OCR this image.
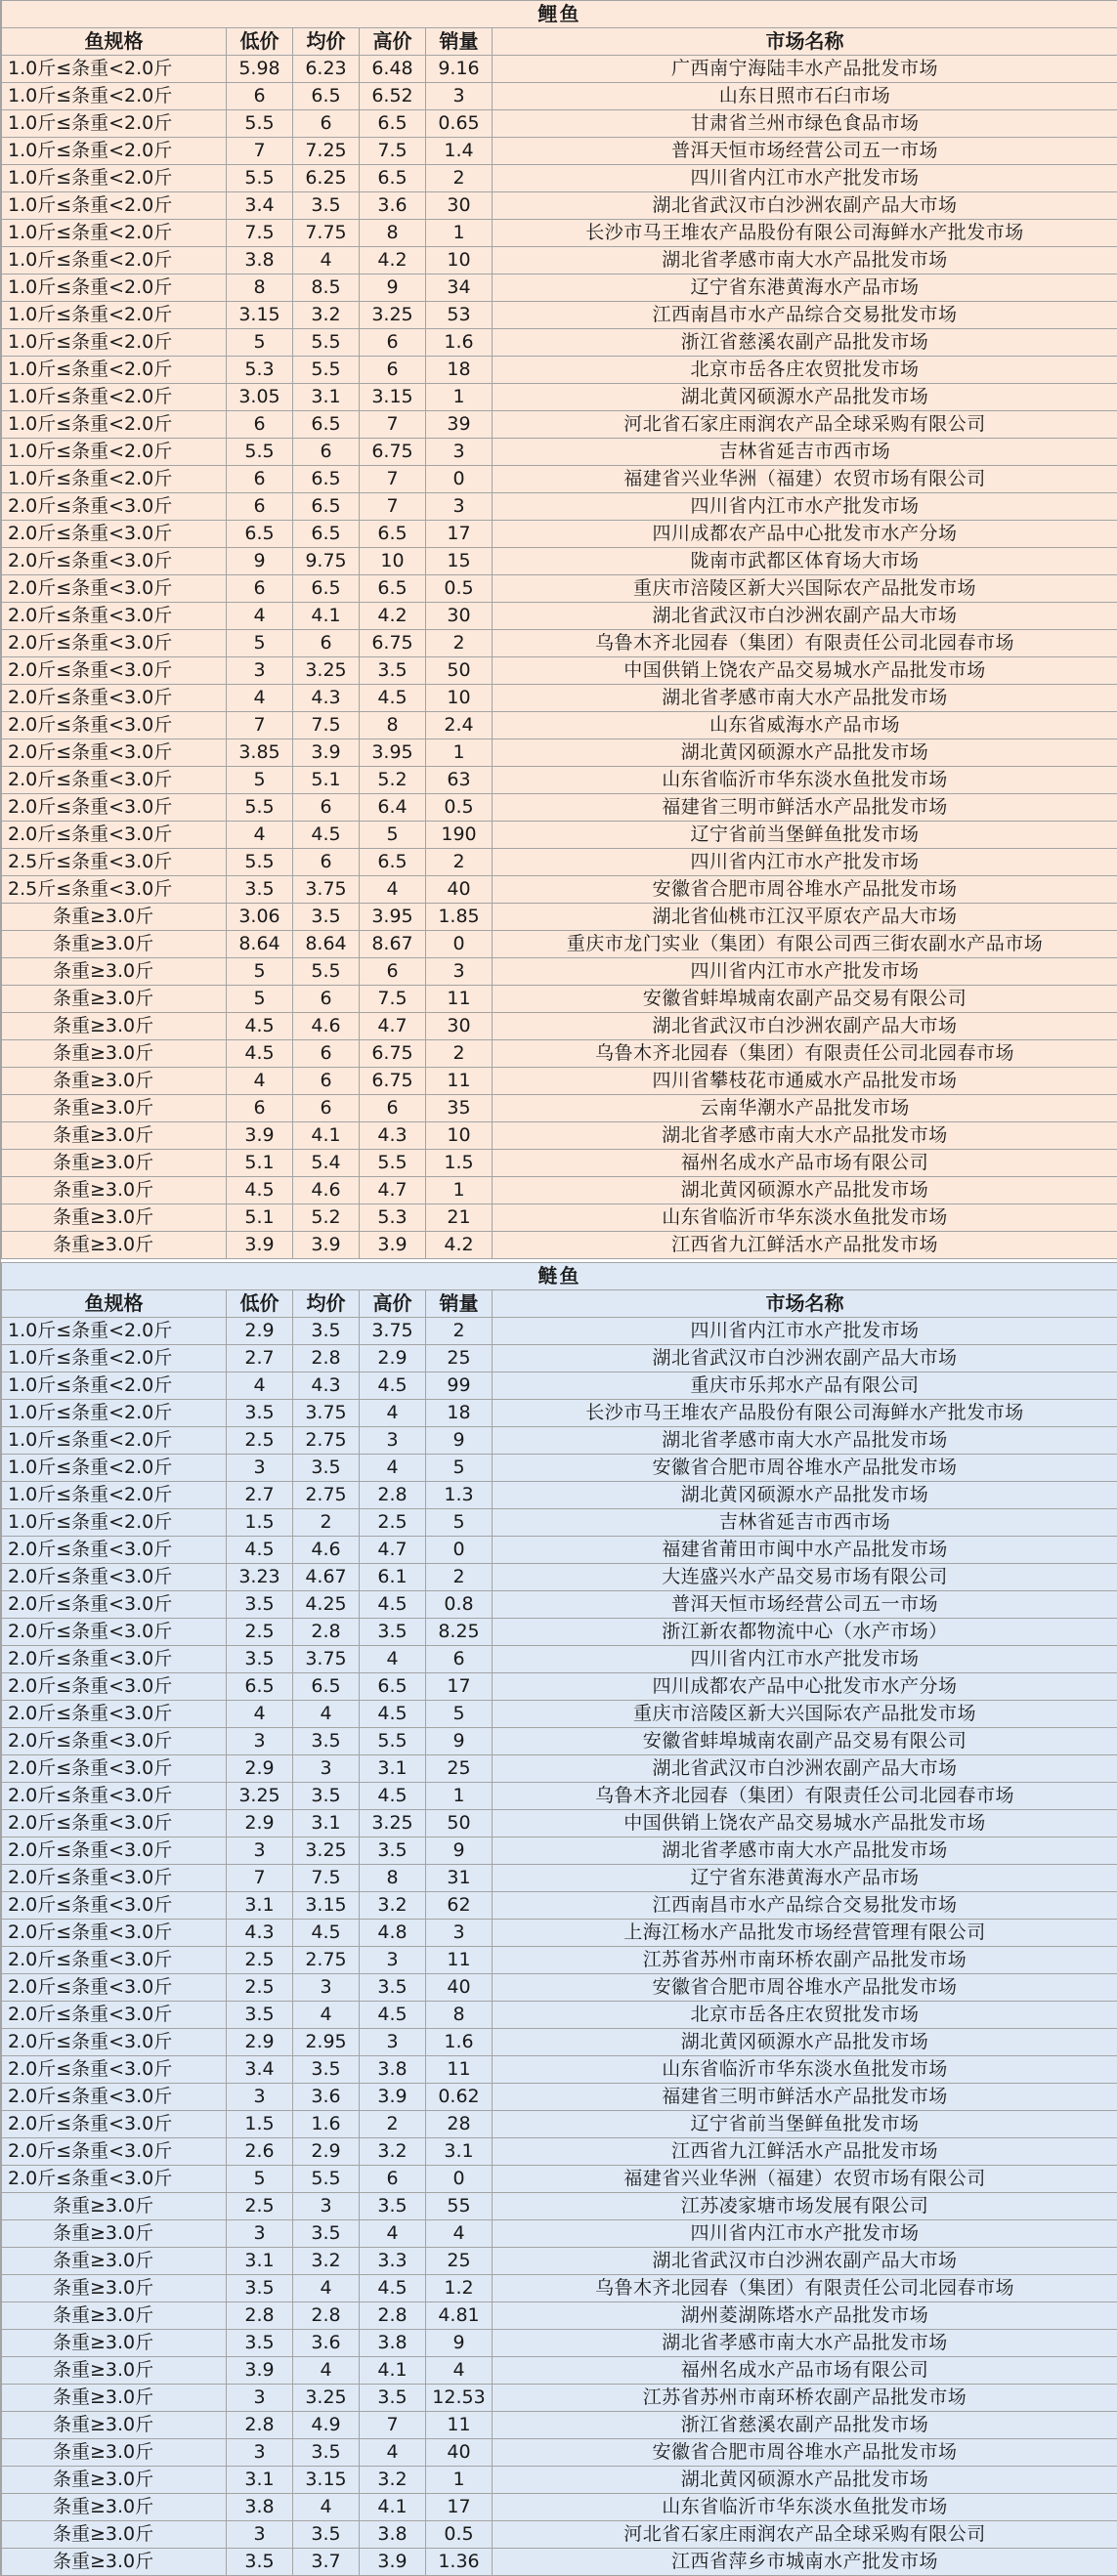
鲤鱼					
鱼规格	低价	均价	高价	销量	市场名称
1.0斤≤条重<2.0斤	5.98	6.23	6.48	9.16	广西南宁海陆丰水产品批发市场
1.0斤≤条重<2.0斤	6	6.5	6.52	3	山东日照市石臼市场
1.0斤≤条重<2.0斤	5.5	6	6.5	0.65	甘肃省兰州市绿色食品市场
1.0斤≤条重<2.0斤	7	7.25	7.5	1.4	普洱天恒市场经营公司五一市场
1.0斤≤条重<2.0斤	5.5	6.25	6.5	2	四川省内江市水产批发市场
1.0斤≤条重<2.0斤	3.4	3.5	3.6	30	湖北省武汉市白沙洲农副产品大市场
1.0斤≤条重<2.0斤	7.5	7.75	8	1	长沙市马王堆农产品股份有限公司海鲜水产批发市场
1.0斤≤条重<2.0斤	3.8	4	4.2	10	湖北省孝感市南大水产品批发市场
1.0斤≤条重<2.0斤	8	8.5	9	34	辽宁省东港黄海水产品市场
1.0斤≤条重<2.0斤	3.15	3.2	3.25	53	江西南昌市水产品综合交易批发市场
1.0斤≤条重<2.0斤	5	5.5	6	1.6	浙江省慈溪农副产品批发市场
1.0斤≤条重<2.0斤	5.3	5.5	6	18	北京市岳各庄农贸批发市场
1.0斤≤条重<2.0斤	3.05	3.1	3.15	1	湖北黄冈硕源水产品批发市场
1.0斤≤条重<2.0斤	6	6.5	7	39	河北省石家庄雨润农产品全球采购有限公司
1.0斤≤条重<2.0斤	5.5	6	6.75	3	吉林省延吉市西市场
1.0斤≤条重<2.0斤	6	6.5	7	0	福建省兴业华洲（福建）农贸市场有限公司
2.0斤≤条重<3.0斤	6	6.5	7	3	四川省内江市水产批发市场
2.0斤≤条重<3.0斤	6.5	6.5	6.5	17	四川成都农产品中心批发市水产分场
2.0斤≤条重<3.0斤	9	9.75	10	15	陇南市武都区体育场大市场
2.0斤≤条重<3.0斤	6	6.5	6.5	0.5	重庆市涪陵区新大兴国际农产品批发市场
2.0斤≤条重<3.0斤	4	4.1	4.2	30	湖北省武汉市白沙洲农副产品大市场
2.0斤≤条重<3.0斤	5	6	6.75	2	乌鲁木齐北园春（集团）有限责任公司北园春市场
2.0斤≤条重<3.0斤	3	3.25	3.5	50	中国供销上饶农产品交易城水产品批发市场
2.0斤≤条重<3.0斤	4	4.3	4.5	10	湖北省孝感市南大水产品批发市场
2.0斤≤条重<3.0斤	7	7.5	8	2.4	山东省威海水产品市场
2.0斤≤条重<3.0斤	3.85	3.9	3.95	1	湖北黄冈硕源水产品批发市场
2.0斤≤条重<3.0斤	5	5.1	5.2	63	山东省临沂市华东淡水鱼批发市场
2.0斤≤条重<3.0斤	5.5	6	6.4	0.5	福建省三明市鲜活水产品批发市场
2.0斤≤条重<3.0斤	4	4.5	5	190	辽宁省前当堡鲜鱼批发市场
2.5斤≤条重<3.0斤	5.5	6	6.5	2	四川省内江市水产批发市场
2.5斤≤条重<3.0斤	3.5	3.75	4	40	安徽省合肥市周谷堆水产品批发市场
条重≥3.0斤	3.06	3.5	3.95	1.85	湖北省仙桃市江汉平原农产品大市场
条重≥3.0斤	8.64	8.64	8.67	0	重庆市龙门实业（集团）有限公司西三街农副水产品市场
条重≥3.0斤	5	5.5	6	3	四川省内江市水产批发市场
条重≥3.0斤	5	6	7.5	11	安徽省蚌埠城南农副产品交易有限公司
条重≥3.0斤	4.5	4.6	4.7	30	湖北省武汉市白沙洲农副产品大市场
条重≥3.0斤	4.5	6	6.75	2	乌鲁木齐北园春（集团）有限责任公司北园春市场
条重≥3.0斤	4	6	6.75	11	四川省攀枝花市通威水产品批发市场
条重≥3.0斤	6	6	6	35	云南华潮水产品批发市场
条重≥3.0斤	3.9	4.1	4.3	10	湖北省孝感市南大水产品批发市场
条重≥3.0斤	5.1	5.4	5.5	1.5	福州名成水产品市场有限公司
条重≥3.0斤	4.5	4.6	4.7	1	湖北黄冈硕源水产品批发市场
条重≥3.0斤	5.1	5.2	5.3	21	山东省临沂市华东淡水鱼批发市场
条重≥3.0斤	3.9	3.9	3.9	4.2	江西省九江鲜活水产品批发市场

鲢鱼					
鱼规格	低价	均价	高价	销量	市场名称
1.0斤≤条重<2.0斤	2.9	3.5	3.75	2	四川省内江市水产批发市场
1.0斤≤条重<2.0斤	2.7	2.8	2.9	25	湖北省武汉市白沙洲农副产品大市场
1.0斤≤条重<2.0斤	4	4.3	4.5	99	重庆市乐邦水产品有限公司
1.0斤≤条重<2.0斤	3.5	3.75	4	18	长沙市马王堆农产品股份有限公司海鲜水产批发市场
1.0斤≤条重<2.0斤	2.5	2.75	3	9	湖北省孝感市南大水产品批发市场
1.0斤≤条重<2.0斤	3	3.5	4	5	安徽省合肥市周谷堆水产品批发市场
1.0斤≤条重<2.0斤	2.7	2.75	2.8	1.3	湖北黄冈硕源水产品批发市场
1.0斤≤条重<2.0斤	1.5	2	2.5	5	吉林省延吉市西市场
2.0斤≤条重<3.0斤	4.5	4.6	4.7	0	福建省莆田市闽中水产品批发市场
2.0斤≤条重<3.0斤	3.23	4.67	6.1	2	大连盛兴水产品交易市场有限公司
2.0斤≤条重<3.0斤	3.5	4.25	4.5	0.8	普洱天恒市场经营公司五一市场
2.0斤≤条重<3.0斤	2.5	2.8	3.5	8.25	浙江新农都物流中心（水产市场）
2.0斤≤条重<3.0斤	3.5	3.75	4	6	四川省内江市水产批发市场
2.0斤≤条重<3.0斤	6.5	6.5	6.5	17	四川成都农产品中心批发市水产分场
2.0斤≤条重<3.0斤	4	4	4.5	5	重庆市涪陵区新大兴国际农产品批发市场
2.0斤≤条重<3.0斤	3	3.5	5.5	9	安徽省蚌埠城南农副产品交易有限公司
2.0斤≤条重<3.0斤	2.9	3	3.1	25	湖北省武汉市白沙洲农副产品大市场
2.0斤≤条重<3.0斤	3.25	3.5	4.5	1	乌鲁木齐北园春（集团）有限责任公司北园春市场
2.0斤≤条重<3.0斤	2.9	3.1	3.25	50	中国供销上饶农产品交易城水产品批发市场
2.0斤≤条重<3.0斤	3	3.25	3.5	9	湖北省孝感市南大水产品批发市场
2.0斤≤条重<3.0斤	7	7.5	8	31	辽宁省东港黄海水产品市场
2.0斤≤条重<3.0斤	3.1	3.15	3.2	62	江西南昌市水产品综合交易批发市场
2.0斤≤条重<3.0斤	4.3	4.5	4.8	3	上海江杨水产品批发市场经营管理有限公司
2.0斤≤条重<3.0斤	2.5	2.75	3	11	江苏省苏州市南环桥农副产品批发市场
2.0斤≤条重<3.0斤	2.5	3	3.5	40	安徽省合肥市周谷堆水产品批发市场
2.0斤≤条重<3.0斤	3.5	4	4.5	8	北京市岳各庄农贸批发市场
2.0斤≤条重<3.0斤	2.9	2.95	3	1.6	湖北黄冈硕源水产品批发市场
2.0斤≤条重<3.0斤	3.4	3.5	3.8	11	山东省临沂市华东淡水鱼批发市场
2.0斤≤条重<3.0斤	3	3.6	3.9	0.62	福建省三明市鲜活水产品批发市场
2.0斤≤条重<3.0斤	1.5	1.6	2	28	辽宁省前当堡鲜鱼批发市场
2.0斤≤条重<3.0斤	2.6	2.9	3.2	3.1	江西省九江鲜活水产品批发市场
2.0斤≤条重<3.0斤	5	5.5	6	0	福建省兴业华洲（福建）农贸市场有限公司
条重≥3.0斤	2.5	3	3.5	55	江苏凌家塘市场发展有限公司
条重≥3.0斤	3	3.5	4	4	四川省内江市水产批发市场
条重≥3.0斤	3.1	3.2	3.3	25	湖北省武汉市白沙洲农副产品大市场
条重≥3.0斤	3.5	4	4.5	1.2	乌鲁木齐北园春（集团）有限责任公司北园春市场
条重≥3.0斤	2.8	2.8	2.8	4.81	湖州菱湖陈塔水产品批发市场
条重≥3.0斤	3.5	3.6	3.8	9	湖北省孝感市南大水产品批发市场
条重≥3.0斤	3.9	4	4.1	4	福州名成水产品市场有限公司
条重≥3.0斤	3	3.25	3.5	12.53	江苏省苏州市南环桥农副产品批发市场
条重≥3.0斤	2.8	4.9	7	11	浙江省慈溪农副产品批发市场
条重≥3.0斤	3	3.5	4	40	安徽省合肥市周谷堆水产品批发市场
条重≥3.0斤	3.1	3.15	3.2	1	湖北黄冈硕源水产品批发市场
条重≥3.0斤	3.8	4	4.1	17	山东省临沂市华东淡水鱼批发市场
条重≥3.0斤	3	3.5	3.8	0.5	河北省石家庄雨润农产品全球采购有限公司
条重≥3.0斤	3.5	3.7	3.9	1.36	江西省萍乡市城南水产批发市场
